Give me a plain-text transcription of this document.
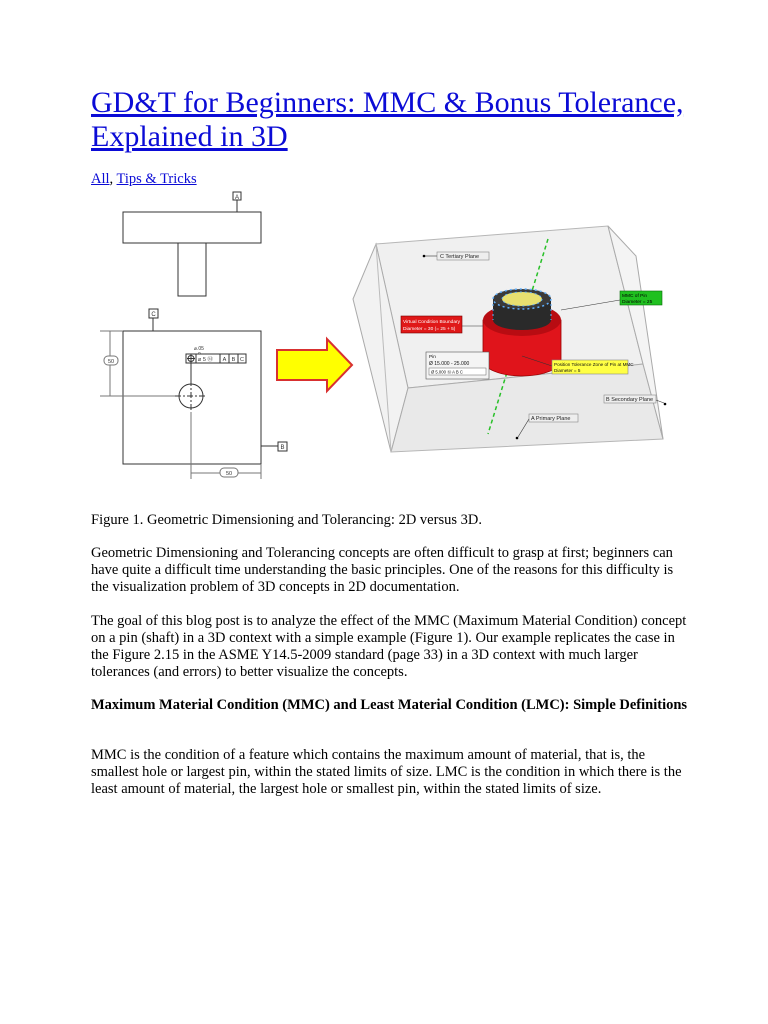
GD&T for Beginners: MMC & Bonus Tolerance, Explained in 3D
All, Tips & Tricks
A
C
⌀.05
⌀ 5 Ⓜ A B C
50
50
B
C Tertiary Plane
MMC of Pin
Diameter = 25
Virtual Condition Boundary
Diameter = 30 (= 25 + 5)
Pin
Ø 15.000 - 25.000
Ø 5.000 Ⓜ A B C
Position Tolerance Zone of Pin at MMC
Diameter = 5
B Secondary Plane
A Primary Plane

Figure 1. Geometric Dimensioning and Tolerancing: 2D versus 3D.

Geometric Dimensioning and Tolerancing concepts are often difficult to grasp at first; beginners can have quite a difficult time understanding the basic principles. One of the reasons for this difficulty is the visualization problem of 3D concepts in 2D documentation.

The goal of this blog post is to analyze the effect of the MMC (Maximum Material Condition) concept on a pin (shaft) in a 3D context with a simple example (Figure 1). Our example replicates the case in the Figure 2.15 in the ASME Y14.5-2009 standard (page 33) in a 3D context with much larger tolerances (and errors) to better visualize the concepts.

Maximum Material Condition (MMC) and Least Material Condition (LMC): Simple Definitions

MMC is the condition of a feature which contains the maximum amount of material, that is, the smallest hole or largest pin, within the stated limits of size. LMC is the condition in which there is the least amount of material, the largest hole or smallest pin, within the stated limits of size.
